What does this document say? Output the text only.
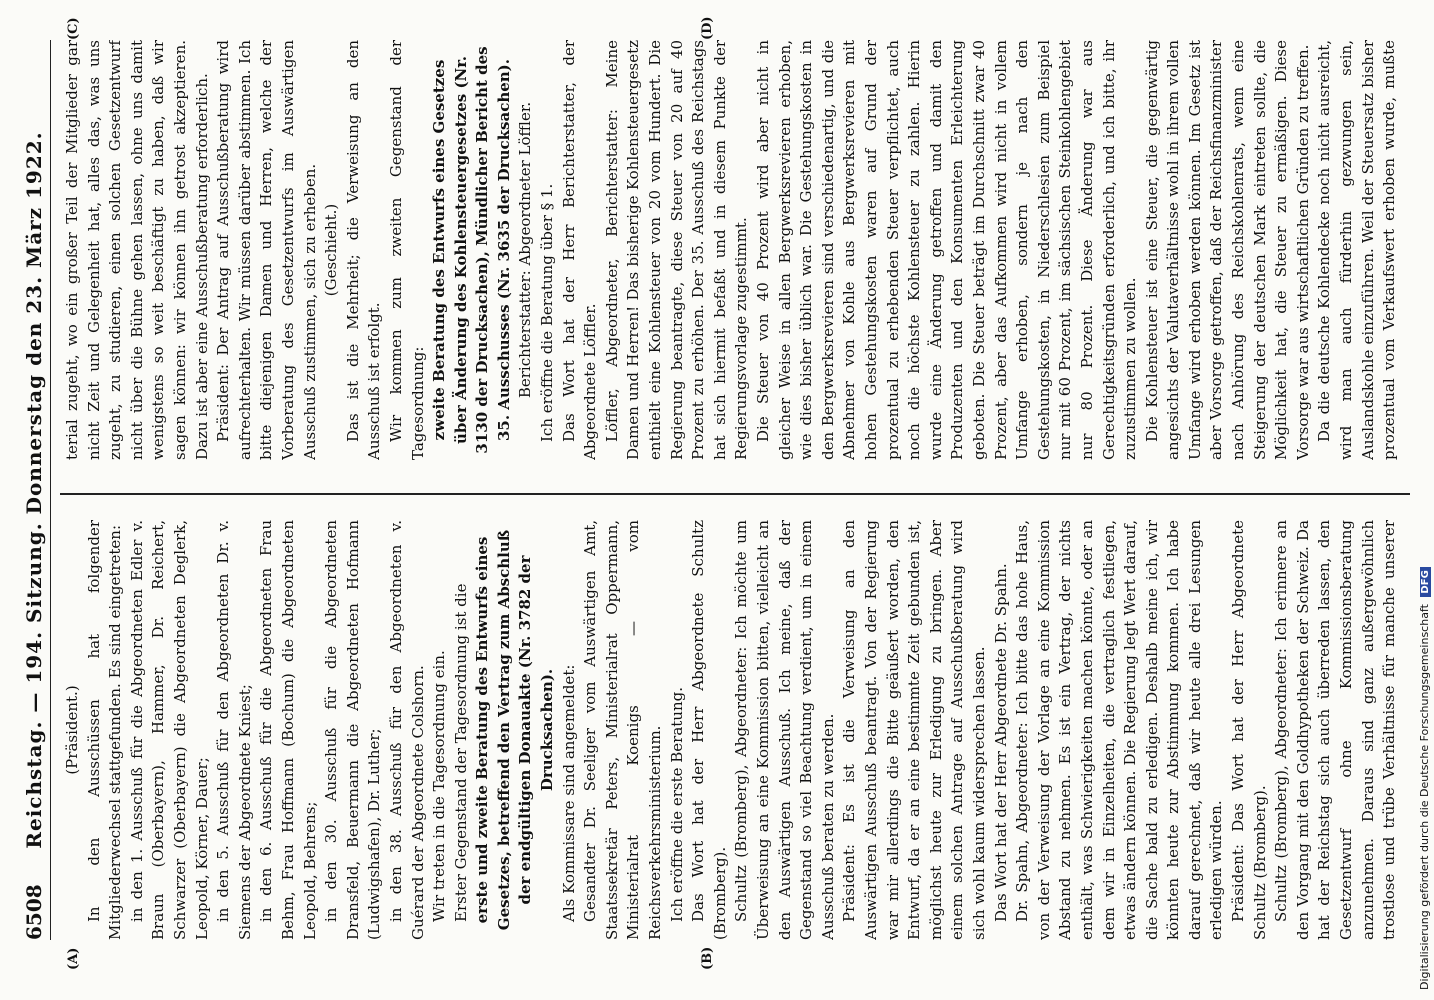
6508
Reichstag. — 194. Sitzung. Donnerstag den 23. März 1922.
(A)	(B)
(C)	(D)

(Präsident.) In den Ausschüssen hat folgender Mitgliederwechsel stattgefunden. Es sind eingetreten: in den 1. Ausschuß für die Abgeordneten Edler v. Braun (Oberbayern), Hammer, Dr. Reichert, Schwarzer (Oberbayern) die Abgeordneten Deglerk, Leopold, Körner, Dauer; in den 5. Ausschuß für den Abgeordneten Dr. v. Siemens der Abgeordnete Kniest; in den 6. Ausschuß für die Abgeordneten Frau Behm, Frau Hoffmann (Bochum) die Abgeordneten Leopold, Behrens; in den 30. Ausschuß für die Abgeordneten Dransfeld, Beuermann die Abgeordneten Hofmann (Ludwigshafen), Dr. Luther; in den 38. Ausschuß für den Abgeordneten v. Guérard der Abgeordnete Colshorn. Wir treten in die Tagesordnung ein. Erster Gegenstand der Tagesordnung ist die erste und zweite Beratung des Entwurfs eines Gesetzes, betreffend den Vertrag zum Abschluß der endgültigen Donauakte (Nr. 3782 der Drucksachen). Als Kommissare sind angemeldet: Gesandter Dr. Seeliger vom Auswärtigen Amt, Staatssekretär Peters, Ministerialrat Oppermann, Ministerialrat Koenigs — vom Reichsverkehrsministerium. Ich eröffne die erste Beratung. Das Wort hat der Herr Abgeordnete Schultz (Bromberg). Schultz (Bromberg), Abgeordneter: Ich möchte um Überweisung an eine Kommission bitten, vielleicht an den Auswärtigen Ausschuß. Ich meine, daß der Gegenstand so viel Beachtung verdient, um in einem Ausschuß beraten zu werden. Präsident: Es ist die Verweisung an den Auswärtigen Ausschuß beantragt. Von der Regierung war mir allerdings die Bitte geäußert worden, den Entwurf, da er an eine bestimmte Zeit gebunden ist, möglichst heute zur Erledigung zu bringen. Aber einem solchen Antrage auf Ausschußberatung wird sich wohl kaum widersprechen lassen. Das Wort hat der Herr Abgeordnete Dr. Spahn. Dr. Spahn, Abgeordneter: Ich bitte das hohe Haus, von der Verweisung der Vorlage an eine Kommission Abstand zu nehmen. Es ist ein Vertrag, der nichts enthält, was Schwierigkeiten machen könnte, oder an dem wir in Einzelheiten, die vertraglich festliegen, etwas ändern können. Die Regierung legt Wert darauf, die Sache bald zu erledigen. Deshalb meine ich, wir könnten heute zur Abstimmung kommen. Ich habe darauf gerechnet, daß wir heute alle drei Lesungen erledigen würden. Präsident: Das Wort hat der Herr Abgeordnete Schultz (Bromberg). Schultz (Bromberg), Abgeordneter: Ich erinnere an den Vorgang mit den Goldhypotheken der Schweiz. Da hat der Reichstag sich auch überreden lassen, den Gesetzentwurf ohne Kommissionsberatung anzunehmen. Daraus sind ganz außergewöhnlich trostlose und trübe Verhältnisse für manche unserer

terial zugeht, wo ein großer Teil der Mitglieder gar nicht Zeit und Gelegenheit hat, alles das, was uns zugeht, zu studieren, einen solchen Gesetzentwurf nicht über die Bühne gehen lassen, ohne uns damit wenigstens so weit beschäftigt zu haben, daß wir sagen können: wir können ihn getrost akzeptieren. Dazu ist aber eine Ausschußberatung erforderlich. Präsident: Der Antrag auf Ausschußberatung wird aufrechterhalten. Wir müssen darüber abstimmen. Ich bitte diejenigen Damen und Herren, welche der Vorberatung des Gesetzentwurfs im Auswärtigen Ausschuß zustimmen, sich zu erheben. (Geschieht.) Das ist die Mehrheit; die Verweisung an den Ausschuß ist erfolgt. Wir kommen zum zweiten Gegenstand der Tagesordnung: zweite Beratung des Entwurfs eines Gesetzes über Änderung des Kohlensteuergesetzes (Nr. 3130 der Drucksachen), Mündlicher Bericht des 35. Ausschusses (Nr. 3635 der Drucksachen). Berichterstatter: Abgeordneter Löffler. Ich eröffne die Beratung über § 1. Das Wort hat der Herr Berichterstatter, der Abgeordnete Löffler. Löffler, Abgeordneter, Berichterstatter: Meine Damen und Herren! Das bisherige Kohlensteuergesetz enthielt eine Kohlensteuer von 20 vom Hundert. Die Regierung beantragte, diese Steuer von 20 auf 40 Prozent zu erhöhen. Der 35. Ausschuß des Reichstags hat sich hiermit befaßt und in diesem Punkte der Regierungsvorlage zugestimmt. Die Steuer von 40 Prozent wird aber nicht in gleicher Weise in allen Bergwerksrevieren erhoben, wie dies bisher üblich war. Die Gestehungskosten in den Bergwerksrevieren sind verschiedenartig, und die Abnehmer von Kohle aus Bergwerksrevieren mit hohen Gestehungskosten waren auf Grund der prozentual zu erhebenden Steuer verpflichtet, auch noch die höchste Kohlensteuer zu zahlen. Hierin wurde eine Änderung getroffen und damit den Produzenten und den Konsumenten Erleichterung geboten. Die Steuer beträgt im Durchschnitt zwar 40 Prozent, aber das Aufkommen wird nicht in vollem Umfange erhoben, sondern je nach den Gestehungskosten, in Niederschlesien zum Beispiel nur mit 60 Prozent, im sächsischen Steinkohlengebiet nur 80 Prozent. Diese Änderung war aus Gerechtigkeitsgründen erforderlich, und ich bitte, ihr zuzustimmen zu wollen. Die Kohlensteuer ist eine Steuer, die gegenwärtig angesichts der Valutaverhältnisse wohl in ihrem vollen Umfange wird erhoben werden können. Im Gesetz ist aber Vorsorge getroffen, daß der Reichsfinanzminister nach Anhörung des Reichskohlenrats, wenn eine Steigerung der deutschen Mark eintreten sollte, die Möglichkeit hat, die Steuer zu ermäßigen. Diese Vorsorge war aus wirtschaftlichen Gründen zu treffen. Da die deutsche Kohlendecke noch nicht ausreicht, wird man auch fürderhin gezwungen sein, Auslandskohle einzuführen. Weil der Steuersatz bisher prozentual vom Verkaufswert erhoben wurde, mußte

Digitalisierung gefördert durch die Deutsche Forschungsgemeinschaft DFG
